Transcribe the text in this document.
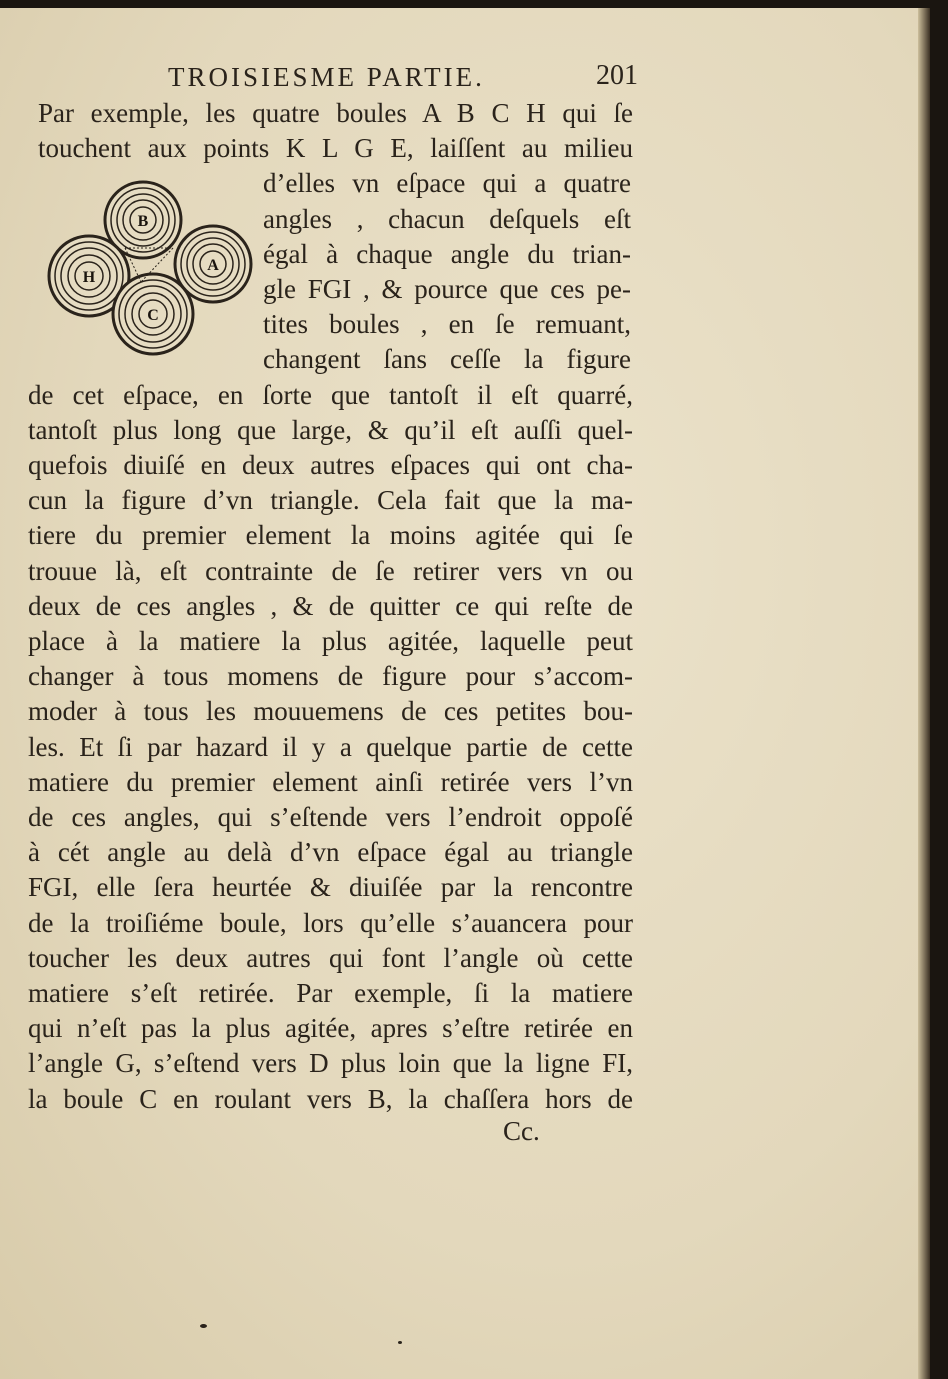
TROISIESME PARTIE.	201
B
A
H
C
Par exemple, les quatre boules A B C H qui ſe
touchent aux points K L G E, laiſſent au milieu
d’elles vn eſpace qui a quatre
angles , chacun deſquels eſt
égal à chaque angle du trian-
gle FGI , & pource que ces pe-
tites boules , en ſe remuant,
changent ſans ceſſe la figure
de cet eſpace, en ſorte que tantoſt il eſt quarré,
tantoſt plus long que large, & qu’il eſt auſſi quel-
quefois diuiſé en deux autres eſpaces qui ont cha-
cun la figure d’vn triangle. Cela fait que la ma-
tiere du premier element la moins agitée qui ſe
trouue là, eſt contrainte de ſe retirer vers vn ou
deux de ces angles , & de quitter ce qui reſte de
place à la matiere la plus agitée, laquelle peut
changer à tous momens de figure pour s’accom-
moder à tous les mouuemens de ces petites bou-
les. Et ſi par hazard il y a quelque partie de cette
matiere du premier element ainſi retirée vers l’vn
de ces angles, qui s’eſtende vers l’endroit oppoſé
à cét angle au delà d’vn eſpace égal au triangle
FGI, elle ſera heurtée & diuiſée par la rencontre
de la troiſiéme boule, lors qu’elle s’auancera pour
toucher les deux autres qui font l’angle où cette
matiere s’eſt retirée. Par exemple, ſi la matiere
qui n’eſt pas la plus agitée, apres s’eſtre retirée en
l’angle G, s’eſtend vers D plus loin que la ligne FI,
la boule C en roulant vers B, la chaſſera hors de
Cc.
